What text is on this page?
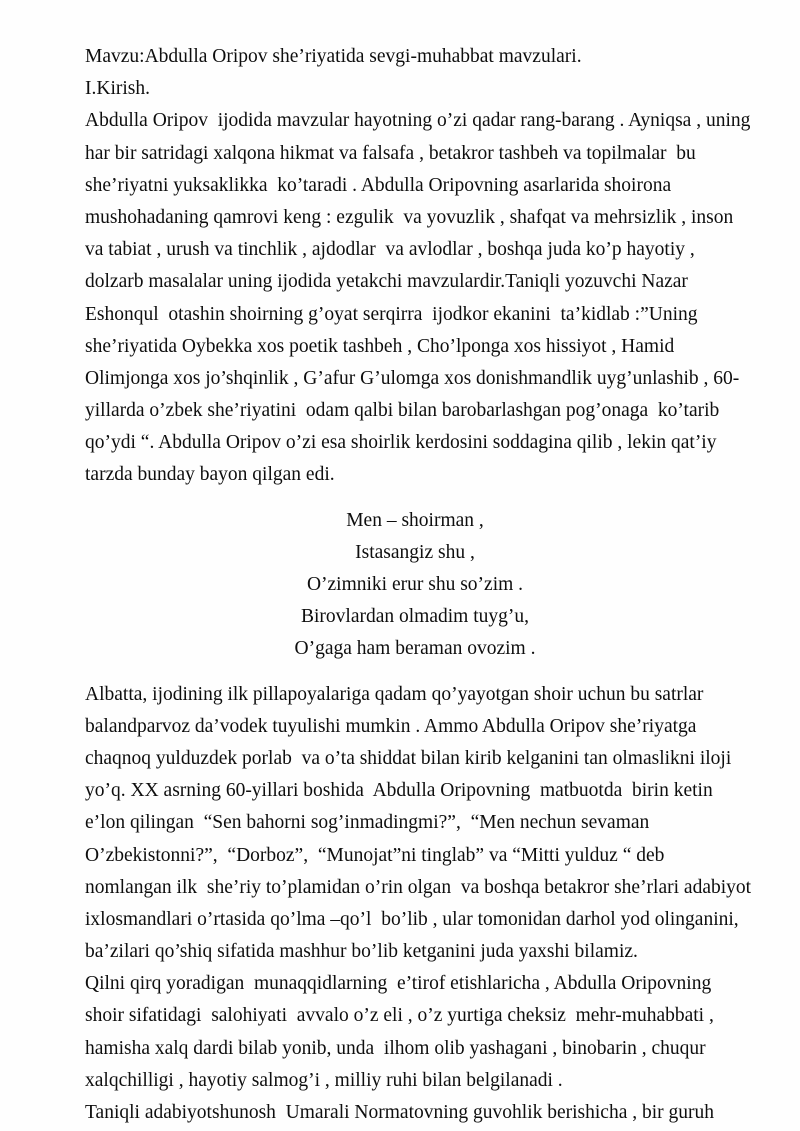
Mavzu:Abdulla Oripov she’riyatida sevgi-muhabbat mavzulari.
I.Kirish.
Abdulla Oripov  ijodida mavzular hayotning o’zi qadar rang-barang . Ayniqsa , uning
har bir satridagi xalqona hikmat va falsafa , betakror tashbeh va topilmalar  bu
she’riyatni yuksaklikka  ko’taradi . Abdulla Oripovning asarlarida shoirona
mushohadaning qamrovi keng : ezgulik  va yovuzlik , shafqat va mehrsizlik , inson
va tabiat , urush va tinchlik , ajdodlar  va avlodlar , boshqa juda ko’p hayotiy ,
dolzarb masalalar uning ijodida yetakchi mavzulardir.Taniqli yozuvchi Nazar
Eshonqul  otashin shoirning g’oyat serqirra  ijodkor ekanini  ta’kidlab :”Uning
she’riyatida Oybekka xos poetik tashbeh , Cho’lponga xos hissiyot , Hamid
Olimjonga xos jo’shqinlik , G’afur G’ulomga xos donishmandlik uyg’unlashib , 60-
yillarda o’zbek she’riyatini  odam qalbi bilan barobarlashgan pog’onaga  ko’tarib
qo’ydi “. Abdulla Oripov o’zi esa shoirlik kerdosini soddagina qilib , lekin qat’iy
tarzda bunday bayon qilgan edi.
Men – shoirman ,
Istasangiz shu ,
O’zimniki erur shu so’zim .
Birovlardan olmadim tuyg’u,
O’gaga ham beraman ovozim .
Albatta, ijodining ilk pillapoyalariga qadam qo’yayotgan shoir uchun bu satrlar
balandparvoz da’vodek tuyulishi mumkin . Ammo Abdulla Oripov she’riyatga
chaqnoq yulduzdek porlab  va o’ta shiddat bilan kirib kelganini tan olmaslikni iloji
yo’q. XX asrning 60-yillari boshida  Abdulla Oripovning  matbuotda  birin ketin
e’lon qilingan  “Sen bahorni sog’inmadingmi?”,  “Men nechun sevaman
O’zbekistonni?”,  “Dorboz”,  “Munojat”ni tinglab” va “Mitti yulduz “ deb
nomlangan ilk  she’riy to’plamidan o’rin olgan  va boshqa betakror she’rlari adabiyot
ixlosmandlari o’rtasida qo’lma –qo’l  bo’lib , ular tomonidan darhol yod olinganini,
ba’zilari qo’shiq sifatida mashhur bo’lib ketganini juda yaxshi bilamiz.
Qilni qirq yoradigan  munaqqidlarning  e’tirof etishlaricha , Abdulla Oripovning
shoir sifatidagi  salohiyati  avvalo o’z eli , o’z yurtiga cheksiz  mehr-muhabbati ,
hamisha xalq dardi bilab yonib, unda  ilhom olib yashagani , binobarin , chuqur
xalqchilligi , hayotiy salmog’i , milliy ruhi bilan belgilanadi .
Taniqli adabiyotshunosh  Umarali Normatovning guvohlik berishicha , bir guruh
